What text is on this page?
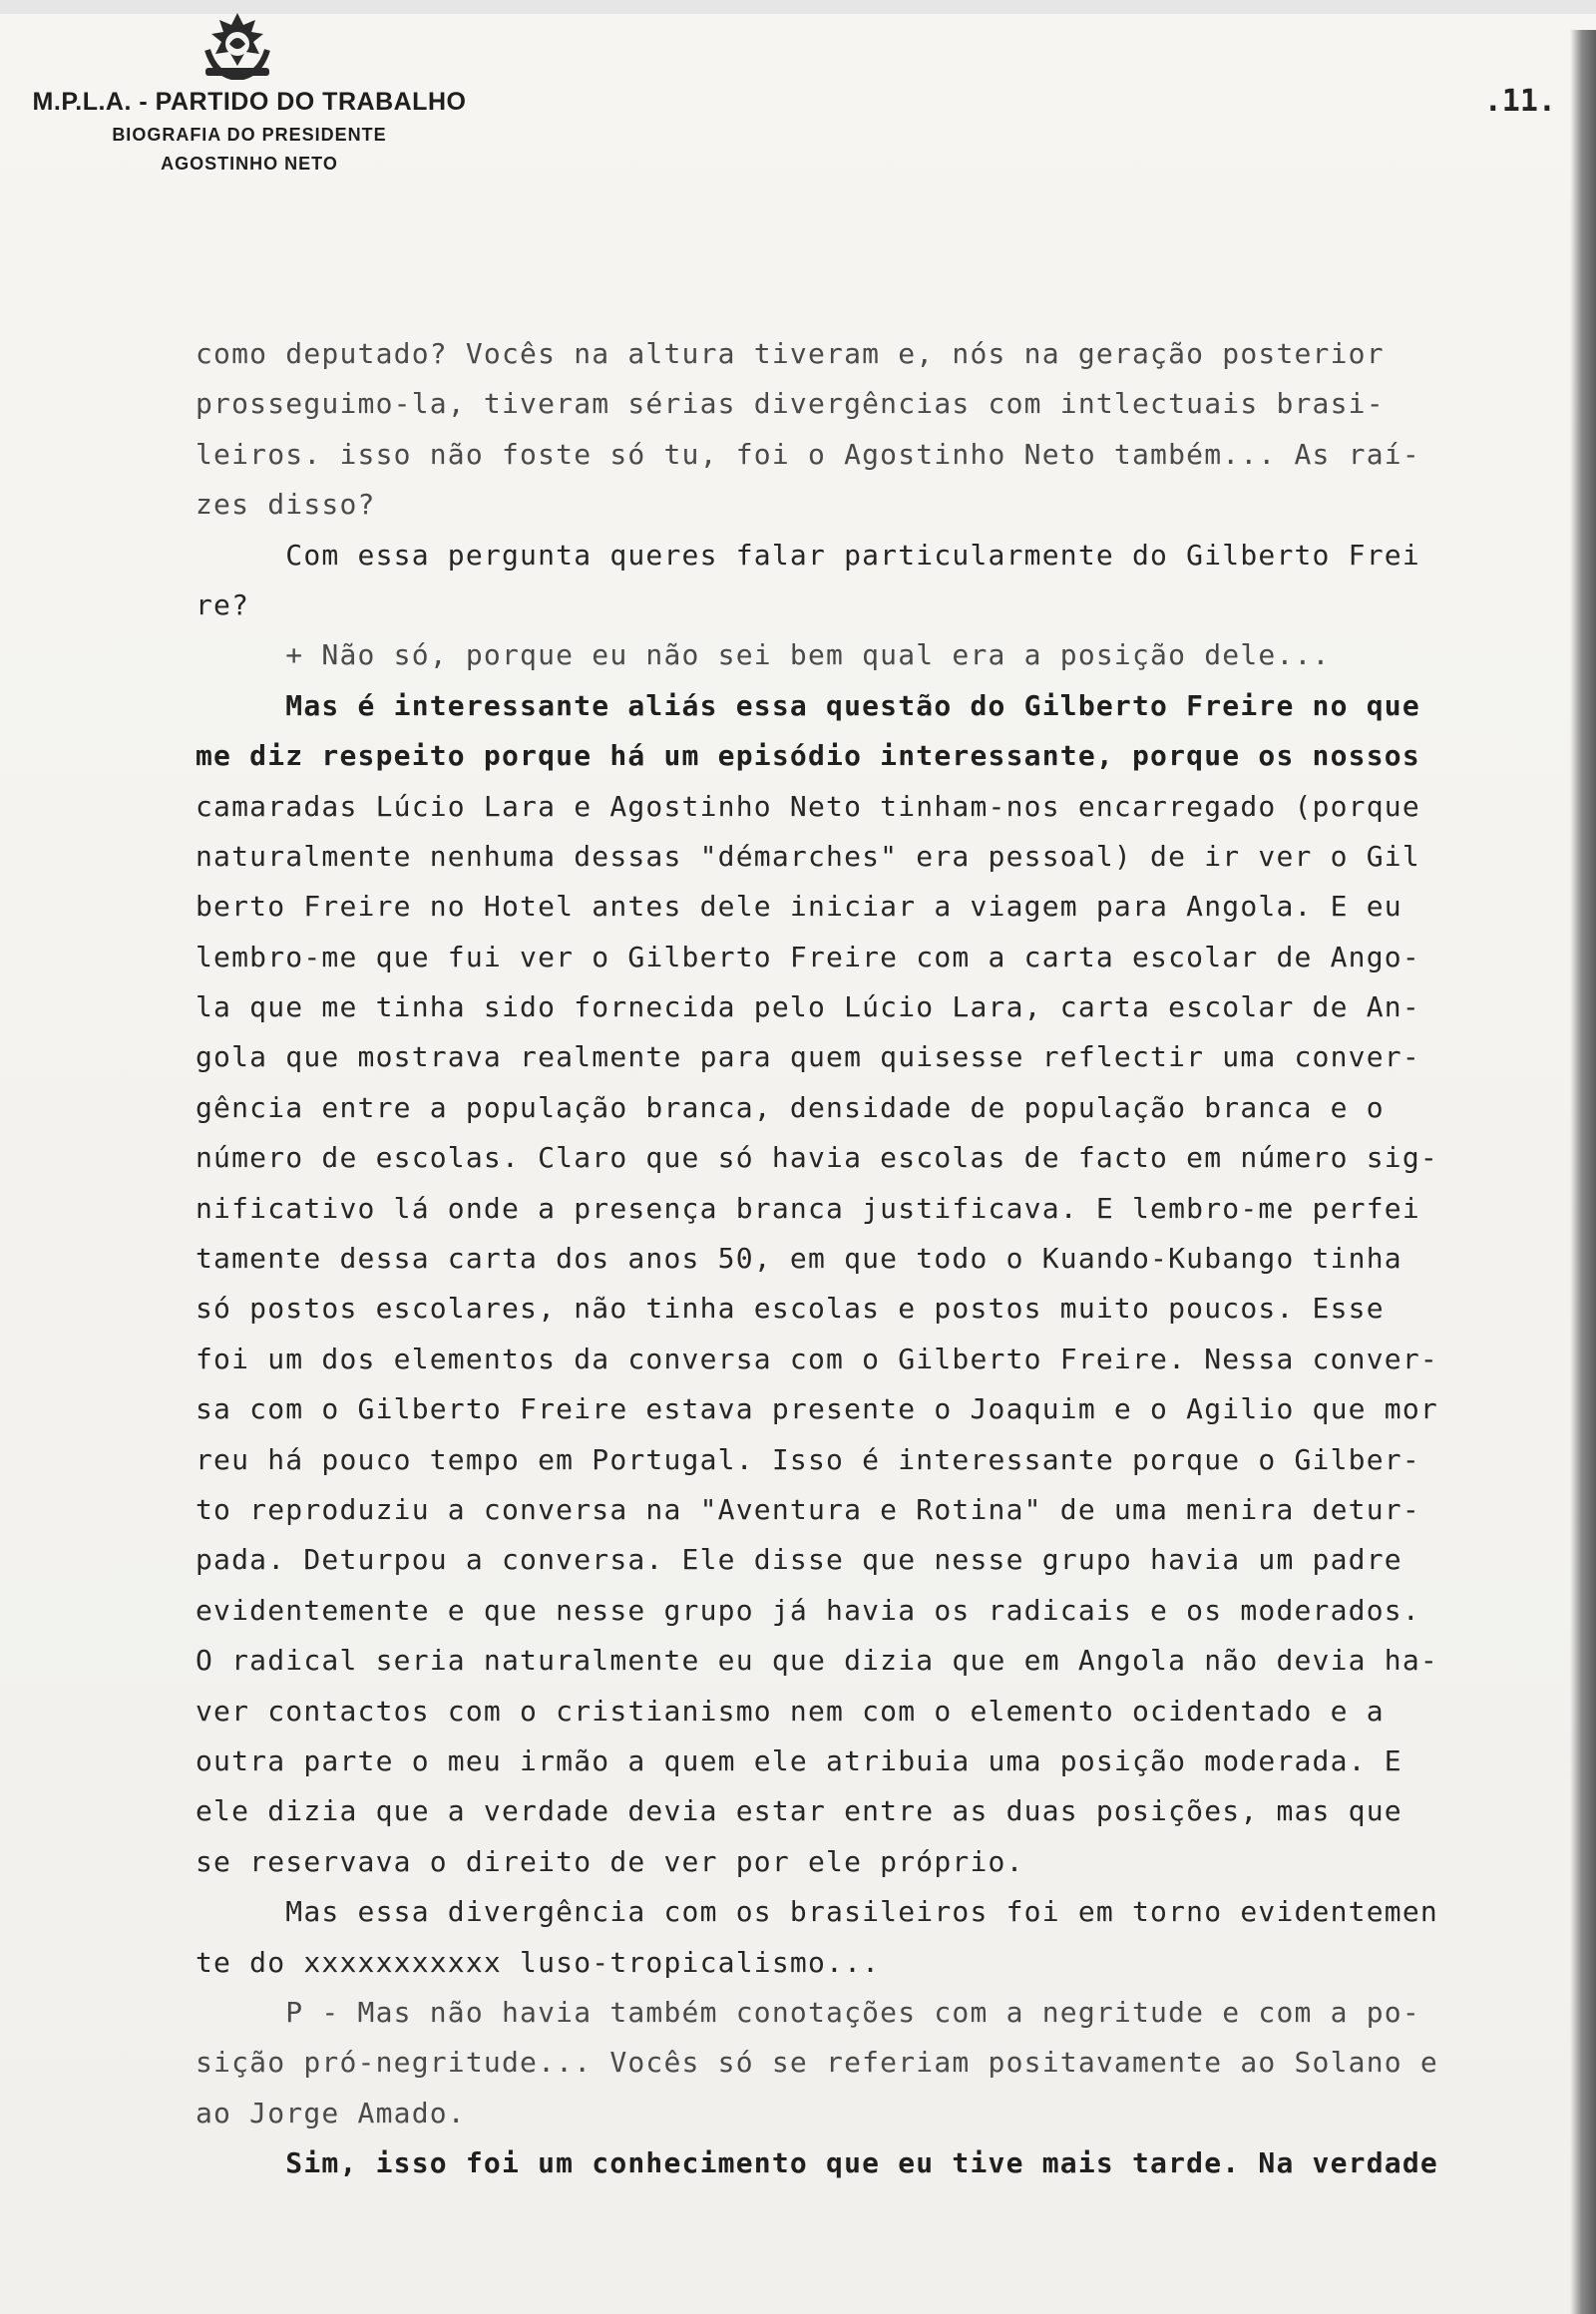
M.P.L.A. - PARTIDO DO TRABALHO
BIOGRAFIA DO PRESIDENTE
AGOSTINHO NETO
.11.
como deputado? Vocês na altura tiveram e, nós na geração posterior
prosseguimo-la, tiveram sérias divergências com intlectuais brasi-
leiros. isso não foste só tu, foi o Agostinho Neto também... As raí-
zes disso?
Com essa pergunta queres falar particularmente do Gilberto Frei
re?
+ Não só, porque eu não sei bem qual era a posição dele...
Mas é interessante aliás essa questão do Gilberto Freire no que
me diz respeito porque há um episódio interessante, porque os nossos
camaradas Lúcio Lara e Agostinho Neto tinham-nos encarregado (porque
naturalmente nenhuma dessas "démarches" era pessoal) de ir ver o Gil
berto Freire no Hotel antes dele iniciar a viagem para Angola. E eu
lembro-me que fui ver o Gilberto Freire com a carta escolar de Ango-
la que me tinha sido fornecida pelo Lúcio Lara, carta escolar de An-
gola que mostrava realmente para quem quisesse reflectir uma conver-
gência entre a população branca, densidade de população branca e o
número de escolas. Claro que só havia escolas de facto em número sig-
nificativo lá onde a presença branca justificava. E lembro-me perfei
tamente dessa carta dos anos 50, em que todo o Kuando-Kubango tinha
só postos escolares, não tinha escolas e postos muito poucos. Esse
foi um dos elementos da conversa com o Gilberto Freire. Nessa conver-
sa com o Gilberto Freire estava presente o Joaquim e o Agilio que mor
reu há pouco tempo em Portugal. Isso é interessante porque o Gilber-
to reproduziu a conversa na "Aventura e Rotina" de uma menira detur-
pada. Deturpou a conversa. Ele disse que nesse grupo havia um padre
evidentemente e que nesse grupo já havia os radicais e os moderados.
O radical seria naturalmente eu que dizia que em Angola não devia ha-
ver contactos com o cristianismo nem com o elemento ocidentado e a
outra parte o meu irmão a quem ele atribuia uma posição moderada. E
ele dizia que a verdade devia estar entre as duas posições, mas que
se reservava o direito de ver por ele próprio.
Mas essa divergência com os brasileiros foi em torno evidentemen
te do xxxxxxxxxxx luso-tropicalismo...
P - Mas não havia também conotações com a negritude e com a po-
sição pró-negritude... Vocês só se referiam positavamente ao Solano e
ao Jorge Amado.
Sim, isso foi um conhecimento que eu tive mais tarde. Na verdade
